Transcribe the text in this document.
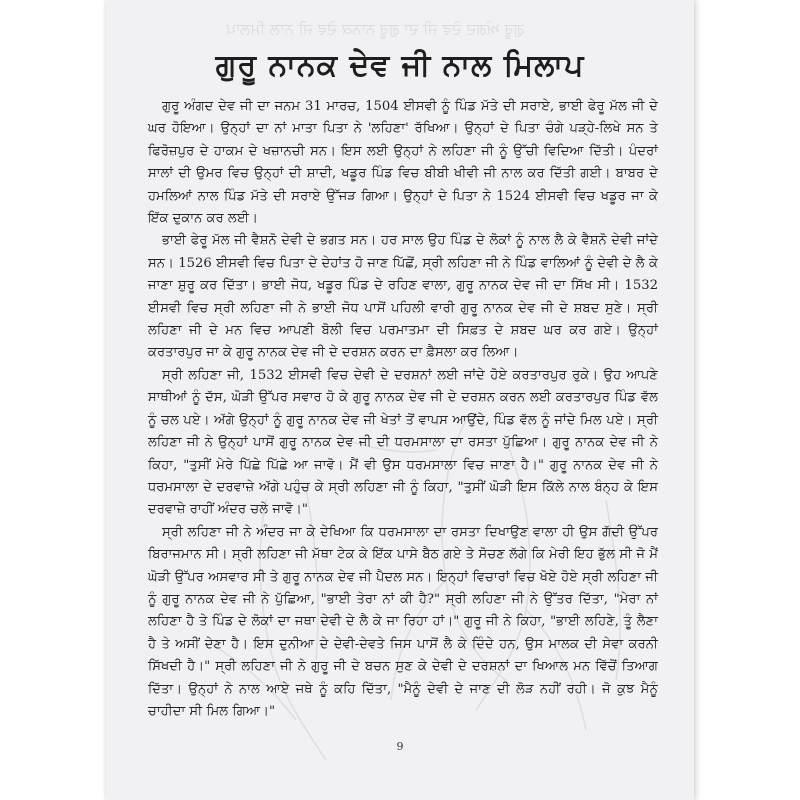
ਗੁਰੂ ਅੰਗਦ ਦੇਵ ਜੀ ਦਾ ਗੁਰੂ ਨਾਨਕ ਦੇਵ ਜੀ ਨਾਲ ਮਿਲਾਪ
ਗੁਰੂ ਨਾਨਕ ਦੇਵ ਜੀ ਨਾਲ ਮਿਲਾਪ

ਗੁਰੂ ਅੰਗਦ ਦੇਵ ਜੀ ਦਾ ਜਨਮ 31 ਮਾਰਚ, 1504 ਈਸਵੀ ਨੂੰ ਪਿੰਡ ਮੱਤੇ ਦੀ ਸਰਾਏ, ਭਾਈ ਫੇਰੂ ਮੱਲ ਜੀ ਦੇ ਘਰ ਹੋਇਆ। ਉਨ੍ਹਾਂ ਦਾ ਨਾਂ ਮਾਤਾ ਪਿਤਾ ਨੇ 'ਲਹਿਣਾ' ਰੱਖਿਆ। ਉਨ੍ਹਾਂ ਦੇ ਪਿਤਾ ਚੰਗੇ ਪੜ੍ਹੇ-ਲਿਖੇ ਸਨ ਤੇ ਫਿਰੋਜ਼ਪੁਰ ਦੇ ਹਾਕਮ ਦੇ ਖਜ਼ਾਨਚੀ ਸਨ। ਇਸ ਲਈ ਉਨ੍ਹਾਂ ਨੇ ਲਹਿਣਾ ਜੀ ਨੂੰ ਉੱਚੀ ਵਿਦਿਆ ਦਿੱਤੀ। ਪੰਦਰਾਂ ਸਾਲਾਂ ਦੀ ਉਮਰ ਵਿਚ ਉਨ੍ਹਾਂ ਦੀ ਸ਼ਾਦੀ, ਖਡੂਰ ਪਿੰਡ ਵਿਚ ਬੀਬੀ ਖੀਵੀ ਜੀ ਨਾਲ ਕਰ ਦਿੱਤੀ ਗਈ। ਬਾਬਰ ਦੇ ਹਮਲਿਆਂ ਨਾਲ ਪਿੰਡ ਮੱਤੇ ਦੀ ਸਰਾਏ ਉੱਜੜ ਗਿਆ। ਉਨ੍ਹਾਂ ਦੇ ਪਿਤਾ ਨੇ 1524 ਈਸਵੀ ਵਿਚ ਖਡੂਰ ਜਾ ਕੇ ਇੱਕ ਦੁਕਾਨ ਕਰ ਲਈ।

ਭਾਈ ਫੇਰੂ ਮੱਲ ਜੀ ਵੈਸ਼ਨੋ ਦੇਵੀ ਦੇ ਭਗਤ ਸਨ। ਹਰ ਸਾਲ ਉਹ ਪਿੰਡ ਦੇ ਲੋਕਾਂ ਨੂੰ ਨਾਲ ਲੈ ਕੇ ਵੈਸ਼ਨੋ ਦੇਵੀ ਜਾਂਦੇ ਸਨ। 1526 ਈਸਵੀ ਵਿਚ ਪਿਤਾ ਦੇ ਦੇਹਾਂਤ ਹੋ ਜਾਣ ਪਿੱਛੋਂ, ਸ੍ਰੀ ਲਹਿਣਾ ਜੀ ਨੇ ਪਿੰਡ ਵਾਲਿਆਂ ਨੂੰ ਦੇਵੀ ਦੇ ਲੈ ਕੇ ਜਾਣਾ ਸ਼ੁਰੂ ਕਰ ਦਿੱਤਾ। ਭਾਈ ਜੋਧ, ਖਡੂਰ ਪਿੰਡ ਦੇ ਰਹਿਣ ਵਾਲਾ, ਗੁਰੂ ਨਾਨਕ ਦੇਵ ਜੀ ਦਾ ਸਿੱਖ ਸੀ। 1532 ਈਸਵੀ ਵਿਚ ਸ੍ਰੀ ਲਹਿਣਾ ਜੀ ਨੇ ਭਾਈ ਜੋਧ ਪਾਸੋਂ ਪਹਿਲੀ ਵਾਰੀ ਗੁਰੂ ਨਾਨਕ ਦੇਵ ਜੀ ਦੇ ਸ਼ਬਦ ਸੁਣੇ। ਸ੍ਰੀ ਲਹਿਣਾ ਜੀ ਦੇ ਮਨ ਵਿਚ ਆਪਣੀ ਬੋਲੀ ਵਿਚ ਪਰਮਾਤਮਾ ਦੀ ਸਿਫ਼ਤ ਦੇ ਸ਼ਬਦ ਘਰ ਕਰ ਗਏ। ਉਨ੍ਹਾਂ ਕਰਤਾਰਪੁਰ ਜਾ ਕੇ ਗੁਰੂ ਨਾਨਕ ਦੇਵ ਜੀ ਦੇ ਦਰਸ਼ਨ ਕਰਨ ਦਾ ਫ਼ੈਸਲਾ ਕਰ ਲਿਆ।

ਸ੍ਰੀ ਲਹਿਣਾ ਜੀ, 1532 ਈਸਵੀ ਵਿਚ ਦੇਵੀ ਦੇ ਦਰਸ਼ਨਾਂ ਲਈ ਜਾਂਦੇ ਹੋਏ ਕਰਤਾਰਪੁਰ ਰੁਕੇ। ਉਹ ਆਪਣੇ ਸਾਥੀਆਂ ਨੂੰ ਦੱਸ, ਘੋੜੀ ਉੱਪਰ ਸਵਾਰ ਹੋ ਕੇ ਗੁਰੂ ਨਾਨਕ ਦੇਵ ਜੀ ਦੇ ਦਰਸ਼ਨ ਕਰਨ ਲਈ ਕਰਤਾਰਪੁਰ ਪਿੰਡ ਵੱਲ ਨੂੰ ਚਲ ਪਏ। ਅੱਗੇ ਉਨ੍ਹਾਂ ਨੂੰ ਗੁਰੂ ਨਾਨਕ ਦੇਵ ਜੀ ਖੇਤਾਂ ਤੋਂ ਵਾਪਸ ਆਉਂਦੇ, ਪਿੰਡ ਵੱਲ ਨੂੰ ਜਾਂਦੇ ਮਿਲ ਪਏ। ਸ੍ਰੀ ਲਹਿਣਾ ਜੀ ਨੇ ਉਨ੍ਹਾਂ ਪਾਸੋਂ ਗੁਰੂ ਨਾਨਕ ਦੇਵ ਜੀ ਦੀ ਧਰਮਸਾਲਾ ਦਾ ਰਸਤਾ ਪੁੱਛਿਆ। ਗੁਰੂ ਨਾਨਕ ਦੇਵ ਜੀ ਨੇ ਕਿਹਾ, "ਤੁਸੀਂ ਮੇਰੇ ਪਿੱਛੇ ਪਿੱਛੇ ਆ ਜਾਵੋ। ਮੈਂ ਵੀ ਉਸ ਧਰਮਸਾਲਾ ਵਿਚ ਜਾਣਾ ਹੈ।" ਗੁਰੂ ਨਾਨਕ ਦੇਵ ਜੀ ਨੇ ਧਰਮਸਾਲਾ ਦੇ ਦਰਵਾਜ਼ੇ ਅੱਗੇ ਪਹੁੰਚ ਕੇ ਸ੍ਰੀ ਲਹਿਣਾ ਜੀ ਨੂੰ ਕਿਹਾ, "ਤੁਸੀਂ ਘੋੜੀ ਇਸ ਕਿੱਲੇ ਨਾਲ ਬੰਨ੍ਹ ਕੇ ਇਸ ਦਰਵਾਜ਼ੇ ਰਾਹੀਂ ਅੰਦਰ ਚਲੇ ਜਾਵੋ।"

ਸ੍ਰੀ ਲਹਿਣਾ ਜੀ ਨੇ ਅੰਦਰ ਜਾ ਕੇ ਦੇਖਿਆ ਕਿ ਧਰਮਸਾਲਾ ਦਾ ਰਸਤਾ ਦਿਖਾਉਣ ਵਾਲਾ ਹੀ ਉਸ ਗੱਦੀ ਉੱਪਰ ਬਿਰਾਜਮਾਨ ਸੀ। ਸ੍ਰੀ ਲਹਿਣਾ ਜੀ ਮੱਥਾ ਟੇਕ ਕੇ ਇੱਕ ਪਾਸੇ ਬੈਠ ਗਏ ਤੇ ਸੋਚਣ ਲੱਗੇ ਕਿ ਮੇਰੀ ਇਹ ਭੁੱਲ ਸੀ ਜੋ ਮੈਂ ਘੋੜੀ ਉੱਪਰ ਅਸਵਾਰ ਸੀ ਤੇ ਗੁਰੂ ਨਾਨਕ ਦੇਵ ਜੀ ਪੈਦਲ ਸਨ। ਇਨ੍ਹਾਂ ਵਿਚਾਰਾਂ ਵਿਚ ਖੋਏ ਹੋਏ ਸ੍ਰੀ ਲਹਿਣਾ ਜੀ ਨੂੰ ਗੁਰੂ ਨਾਨਕ ਦੇਵ ਜੀ ਨੇ ਪੁੱਛਿਆ, "ਭਾਈ ਤੇਰਾ ਨਾਂ ਕੀ ਹੈ?" ਸ੍ਰੀ ਲਹਿਣਾ ਜੀ ਨੇ ਉੱਤਰ ਦਿੱਤਾ, "ਮੇਰਾ ਨਾਂ ਲਹਿਣਾ ਹੈ ਤੇ ਪਿੰਡ ਦੇ ਲੋਕਾਂ ਦਾ ਜਥਾ ਦੇਵੀ ਦੇ ਲੈ ਕੇ ਜਾ ਰਿਹਾ ਹਾਂ।" ਗੁਰੂ ਜੀ ਨੇ ਕਿਹਾ, "ਭਾਈ ਲਹਿਣੇ, ਤੂੰ ਲੈਣਾ ਹੈ ਤੇ ਅਸੀਂ ਦੇਣਾ ਹੈ। ਇਸ ਦੁਨੀਆ ਦੇ ਦੇਵੀ-ਦੇਵਤੇ ਜਿਸ ਪਾਸੋਂ ਲੈ ਕੇ ਦਿੰਦੇ ਹਨ, ਉਸ ਮਾਲਕ ਦੀ ਸੇਵਾ ਕਰਨੀ ਸਿੱਖਦੀ ਹੈ।" ਸ੍ਰੀ ਲਹਿਣਾ ਜੀ ਨੇ ਗੁਰੂ ਜੀ ਦੇ ਬਚਨ ਸੁਣ ਕੇ ਦੇਵੀ ਦੇ ਦਰਸ਼ਨਾਂ ਦਾ ਖਿਆਲ ਮਨ ਵਿੱਚੋਂ ਤਿਆਗ ਦਿੱਤਾ। ਉਨ੍ਹਾਂ ਨੇ ਨਾਲ ਆਏ ਜਥੇ ਨੂੰ ਕਹਿ ਦਿੱਤਾ, "ਮੈਨੂੰ ਦੇਵੀ ਦੇ ਜਾਣ ਦੀ ਲੋੜ ਨਹੀਂ ਰਹੀ। ਜੋ ਕੁਝ ਮੈਨੂੰ ਚਾਹੀਦਾ ਸੀ ਮਿਲ ਗਿਆ।"

9
